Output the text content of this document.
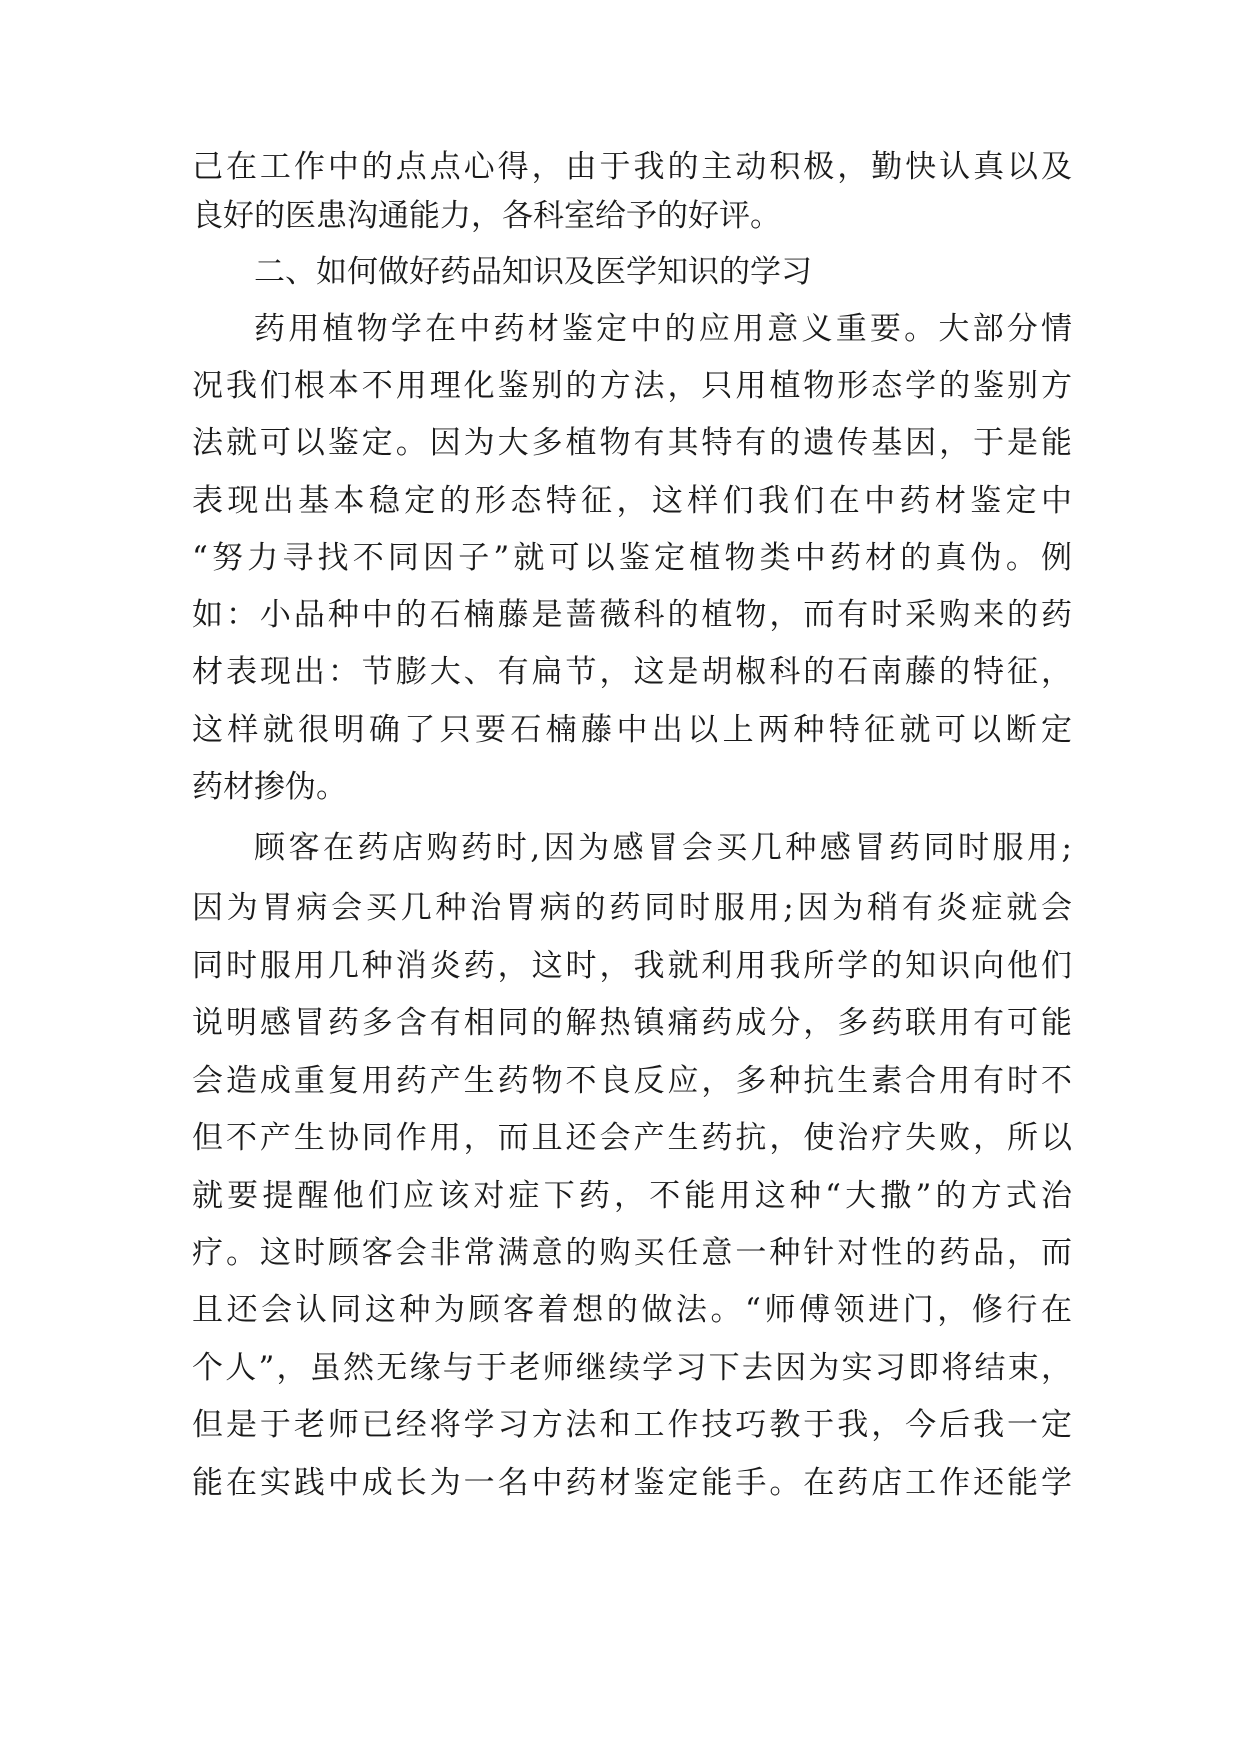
己在工作中的点点心得，由于我的主动积极，勤快认真以及

良好的医患沟通能力，各科室给予的好评。

二、如何做好药品知识及医学知识的学习

药用植物学在中药材鉴定中的应用意义重要。大部分情

况我们根本不用理化鉴别的方法，只用植物形态学的鉴别方

法就可以鉴定。因为大多植物有其特有的遗传基因，于是能

表现出基本稳定的形态特征，这样们我们在中药材鉴定中

“努力寻找不同因子”就可以鉴定植物类中药材的真伪。例

如：小品种中的石楠藤是蔷薇科的植物，而有时采购来的药

材表现出：节膨大、有扁节，这是胡椒科的石南藤的特征，

这样就很明确了只要石楠藤中出以上两种特征就可以断定

药材掺伪。

顾客在药店购药时,因为感冒会买几种感冒药同时服用;

因为胃病会买几种治胃病的药同时服用;因为稍有炎症就会

同时服用几种消炎药，这时，我就利用我所学的知识向他们

说明感冒药多含有相同的解热镇痛药成分，多药联用有可能

会造成重复用药产生药物不良反应，多种抗生素合用有时不

但不产生协同作用，而且还会产生药抗，使治疗失败，所以

就要提醒他们应该对症下药，不能用这种“大撒”的方式治

疗。这时顾客会非常满意的购买任意一种针对性的药品，而

且还会认同这种为顾客着想的做法。“师傅领进门，修行在

个人”，虽然无缘与于老师继续学习下去因为实习即将结束，

但是于老师已经将学习方法和工作技巧教于我，今后我一定

能在实践中成长为一名中药材鉴定能手。在药店工作还能学
